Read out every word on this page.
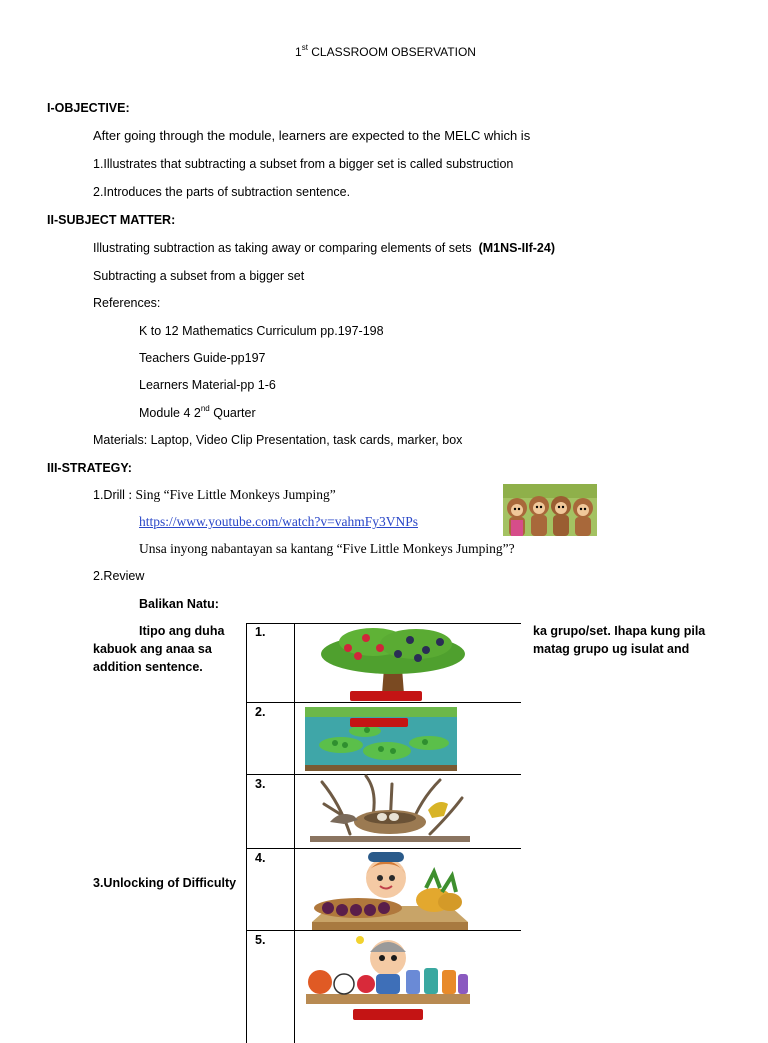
1st CLASSROOM OBSERVATION
I-OBJECTIVE:
After going through the module, learners are expected to the MELC which is
1.Illustrates that subtracting a subset from a bigger set is called substruction
2.Introduces the parts of subtraction sentence.
II-SUBJECT MATTER:
Illustrating subtraction as taking away or comparing elements of sets (M1NS-IIf-24)
Subtracting a subset from a bigger set
References:
K to 12 Mathematics Curriculum pp.197-198
Teachers Guide-pp197
Learners Material-pp 1-6
Module 4 2nd Quarter
Materials: Laptop, Video Clip Presentation, task cards, marker, box
III-STRATEGY:
1.Drill : Sing “Five Little Monkeys Jumping”
https://www.youtube.com/watch?v=vahmFy3VNPs
Unsa inyong nabantayan sa kantang “Five Little Monkeys Jumping”?
2.Review
Balikan Natu:
Itipo ang duha
kabuok ang anaa sa
addition sentence.
ka grupo/set. Ihapa kung pila
matag grupo ug isulat and
3.Unlocking of Difficulty
1.
2.
3.
4.
5.
